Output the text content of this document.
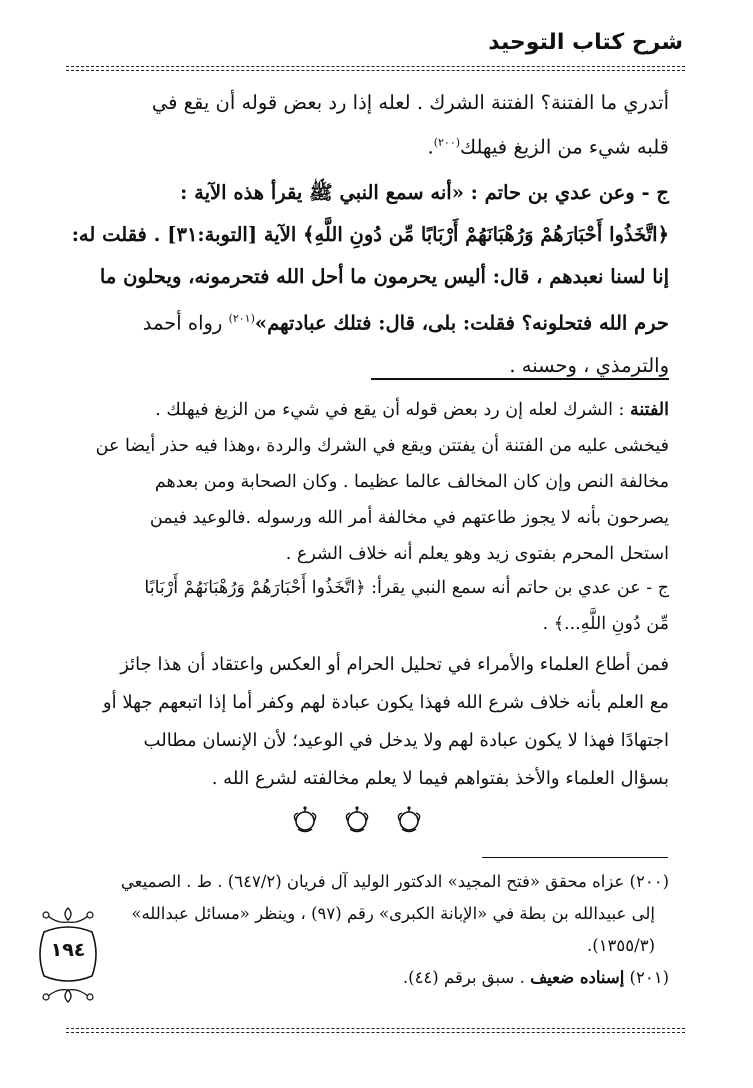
شرح كتاب التوحيد
أتدري ما الفتنة؟ الفتنة الشرك . لعله إذا رد بعض قوله أن يقع في
قلبه شيء من الزيغ فيهلك$^{(٢٠٠)}$.
ج - وعن عدي بن حاتم : «أنه سمع النبي ﷺ يقرأ هذه الآية :
﴿اتَّخَذُوا أَحْبَارَهُمْ وَرُهْبَانَهُمْ أَرْبَابًا مِّن دُونِ اللَّهِ﴾ الآية [التوبة:٣١] . فقلت له:
إنا لسنا نعبدهم ، قال: أليس يحرمون ما أحل الله فتحرمونه، ويحلون ما
حرم الله فتحلونه؟ فقلت: بلى، قال: فتلك عبادتهم»$^{(٢٠١)}$ رواه أحمد
والترمذي ، وحسنه .
الفتنة : الشرك لعله إن رد بعض قوله أن يقع في شيء من الزيغ فيهلك .
فيخشى عليه من الفتنة أن يفتتن ويقع في الشرك والردة ،وهذا فيه حذر أيضا عن
مخالفة النص وإن كان المخالف عالما عظيما . وكان الصحابة ومن بعدهم
يصرحون بأنه لا يجوز طاعتهم في مخالفة أمر الله ورسوله .فالوعيد فيمن
استحل المحرم بفتوى زيد وهو يعلم أنه خلاف الشرع .
ج - عن عدي بن حاتم أنه سمع النبي يقرأ: ﴿اتَّخَذُوا أَحْبَارَهُمْ وَرُهْبَانَهُمْ أَرْبَابًا
مِّن دُونِ اللَّهِ...﴾ .
فمن أطاع العلماء والأمراء في تحليل الحرام أو العكس واعتقاد أن هذا جائز
مع العلم بأنه خلاف شرع الله فهذا يكون عبادة لهم وكفر أما إذا اتبعهم جهلا أو
اجتهادًا فهذا لا يكون عبادة لهم ولا يدخل في الوعيد؛ لأن الإنسان مطالب
بسؤال العلماء والأخذ بفتواهم فيما لا يعلم مخالفته لشرع الله .
(٢٠٠) عزاه محقق «فتح المجيد» الدكتور الوليد آل فريان (٦٤٧/٢) . ط . الصميعي
إلى عبيدالله بن بطة في «الإبانة الكبرى» رقم (٩٧) ، وينظر «مسائل عبدالله»
(١٣٥٥/٣).
(٢٠١) إسناده ضعيف . سبق برقم (٤٤).
١٩٤
